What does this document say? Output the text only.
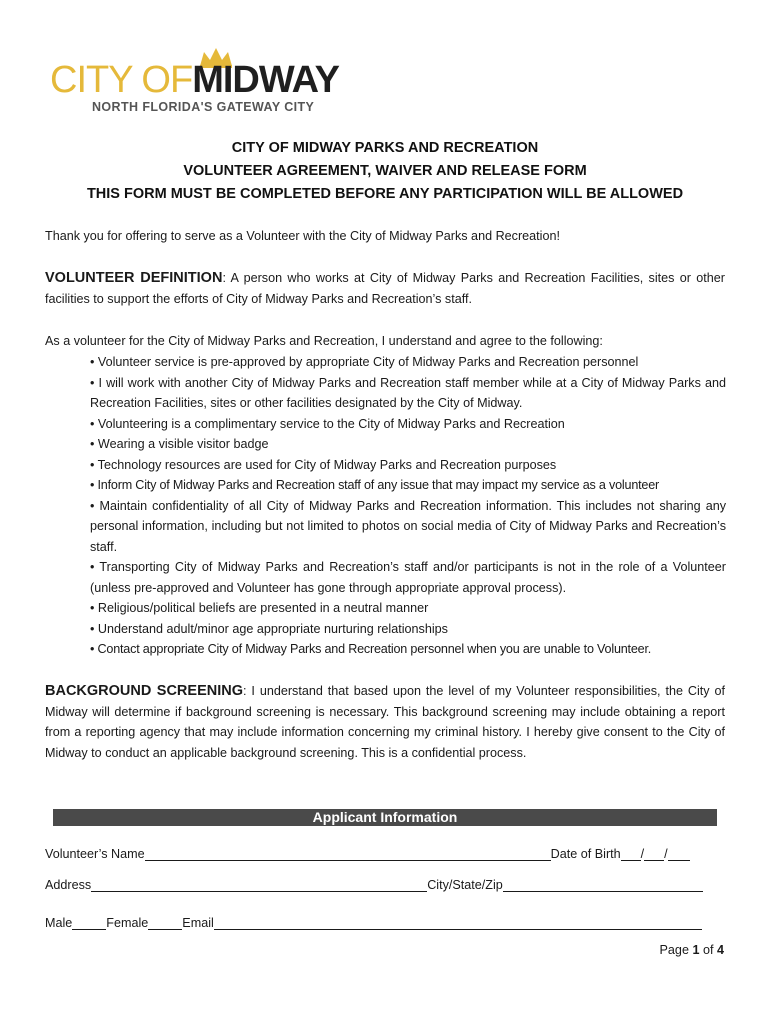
CITY OFMIDWAY
NORTH FLORIDA'S GATEWAY CITY
CITY OF MIDWAY PARKS AND RECREATION
VOLUNTEER AGREEMENT, WAIVER AND RELEASE FORM
THIS FORM MUST BE COMPLETED BEFORE ANY PARTICIPATION WILL BE ALLOWED
Thank you for offering to serve as a Volunteer with the City of Midway Parks and Recreation!
VOLUNTEER DEFINITION: A person who works at City of Midway Parks and Recreation Facilities, sites or other facilities to support the efforts of City of Midway Parks and Recreation’s staff.
As a volunteer for the City of Midway Parks and Recreation, I understand and agree to the following:
• Volunteer service is pre-approved by appropriate City of Midway Parks and Recreation personnel
• I will work with another City of Midway Parks and Recreation staff member while at a City of Midway Parks and Recreation Facilities, sites or other facilities designated by the City of Midway.
• Volunteering is a complimentary service to the City of Midway Parks and Recreation
• Wearing a visible visitor badge
• Technology resources are used for City of Midway Parks and Recreation purposes
• Inform City of Midway Parks and Recreation staff of any issue that may impact my service as a volunteer
• Maintain confidentiality of all City of Midway Parks and Recreation information. This includes not sharing any personal information, including but not limited to photos on social media of City of Midway Parks and Recreation’s staff.
• Transporting City of Midway Parks and Recreation’s staff and/or participants is not in the role of a Volunteer (unless pre-approved and Volunteer has gone through appropriate approval process).
• Religious/political beliefs are presented in a neutral manner
• Understand adult/minor age appropriate nurturing relationships
• Contact appropriate City of Midway Parks and Recreation personnel when you are unable to Volunteer.
BACKGROUND SCREENING: I understand that based upon the level of my Volunteer responsibilities, the City of Midway will determine if background screening is necessary. This background screening may include obtaining a report from a reporting agency that may include information concerning my criminal history. I hereby give consent to the City of Midway to conduct an applicable background screening. This is a confidential process.
Applicant Information
Volunteer’s Name	Date of Birth / /
Address	City/State/Zip
Male	Female	Email
Page 1 of 4
